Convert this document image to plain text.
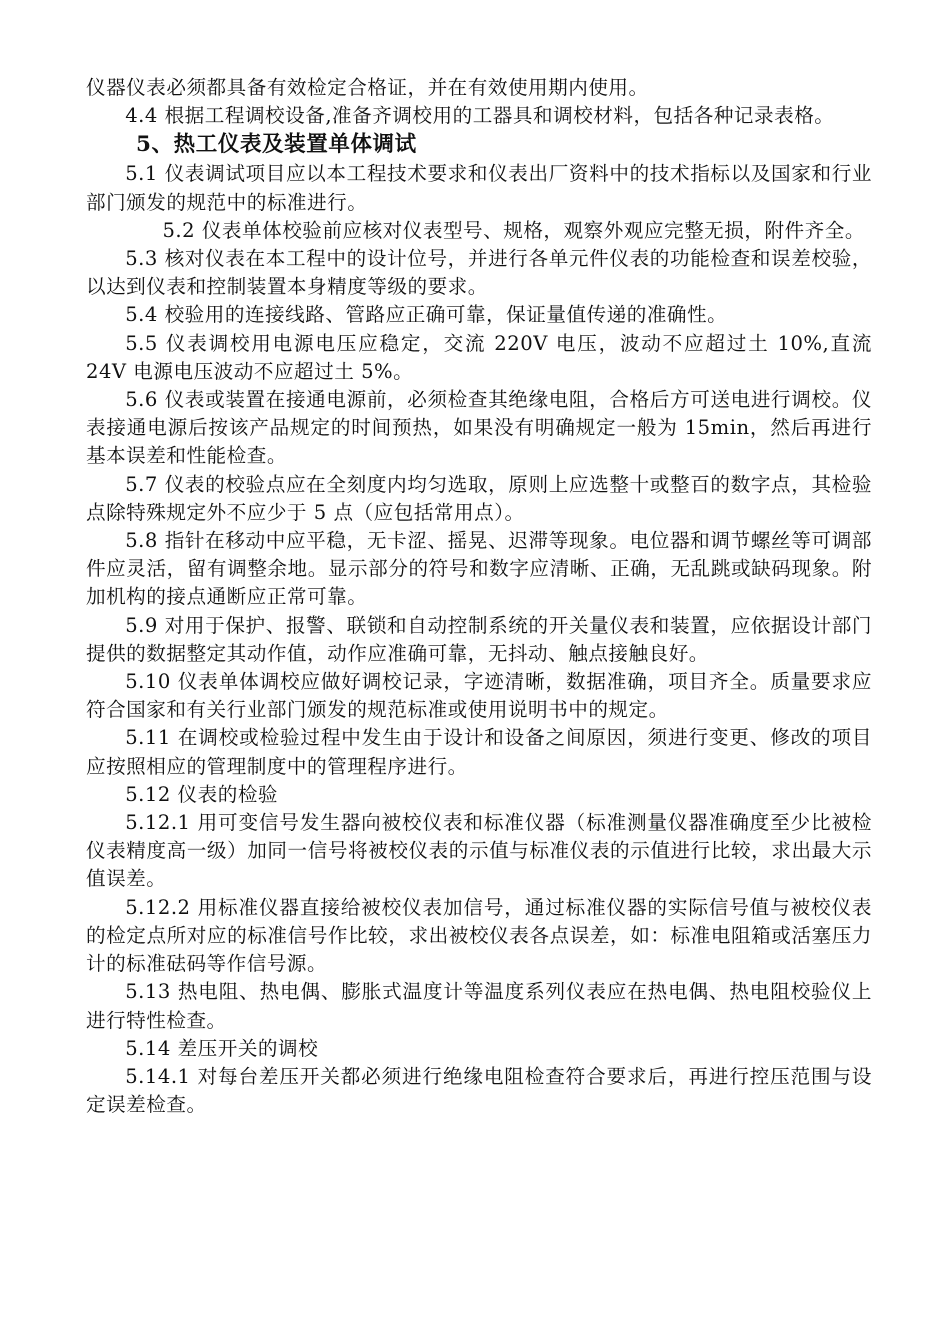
仪器仪表必须都具备有效检定合格证，并在有效使用期内使用。

4.4 根据工程调校设备,准备齐调校用的工器具和调校材料，包括各种记录表格。

5、热工仪表及装置单体调试

5.1 仪表调试项目应以本工程技术要求和仪表出厂资料中的技术指标以及国家和行业部门颁发的规范中的标准进行。

5.2 仪表单体校验前应核对仪表型号、规格，观察外观应完整无损，附件齐全。

5.3 核对仪表在本工程中的设计位号，并进行各单元件仪表的功能检查和误差校验，以达到仪表和控制装置本身精度等级的要求。

5.4 校验用的连接线路、管路应正确可靠，保证量值传递的准确性。

5.5 仪表调校用电源电压应稳定，交流 220V 电压，波动不应超过土 10%,直流 24V 电源电压波动不应超过土 5%。

5.6 仪表或装置在接通电源前，必须检查其绝缘电阻，合格后方可送电进行调校。仪表接通电源后按该产品规定的时间预热，如果没有明确规定一般为 15min，然后再进行基本误差和性能检查。

5.7 仪表的校验点应在全刻度内均匀选取，原则上应选整十或整百的数字点，其检验点除特殊规定外不应少于 5 点（应包括常用点）。

5.8 指针在移动中应平稳，无卡涩、摇晃、迟滞等现象。电位器和调节螺丝等可调部件应灵活，留有调整余地。显示部分的符号和数字应清晰、正确，无乱跳或缺码现象。附加机构的接点通断应正常可靠。

5.9 对用于保护、报警、联锁和自动控制系统的开关量仪表和装置，应依据设计部门提供的数据整定其动作值，动作应准确可靠，无抖动、触点接触良好。

5.10 仪表单体调校应做好调校记录，字迹清晰，数据准确，项目齐全。质量要求应符合国家和有关行业部门颁发的规范标准或使用说明书中的规定。

5.11 在调校或检验过程中发生由于设计和设备之间原因，须进行变更、修改的项目应按照相应的管理制度中的管理程序进行。

5.12 仪表的检验

5.12.1 用可变信号发生器向被校仪表和标准仪器（标准测量仪器准确度至少比被检仪表精度高一级）加同一信号将被校仪表的示值与标准仪表的示值进行比较，求出最大示值误差。

5.12.2 用标准仪器直接给被校仪表加信号，通过标准仪器的实际信号值与被校仪表的检定点所对应的标准信号作比较，求出被校仪表各点误差，如：标准电阻箱或活塞压力计的标准砝码等作信号源。

5.13 热电阻、热电偶、膨胀式温度计等温度系列仪表应在热电偶、热电阻校验仪上进行特性检查。

5.14 差压开关的调校

5.14.1 对每台差压开关都必须进行绝缘电阻检查符合要求后，再进行控压范围与设定误差检查。
